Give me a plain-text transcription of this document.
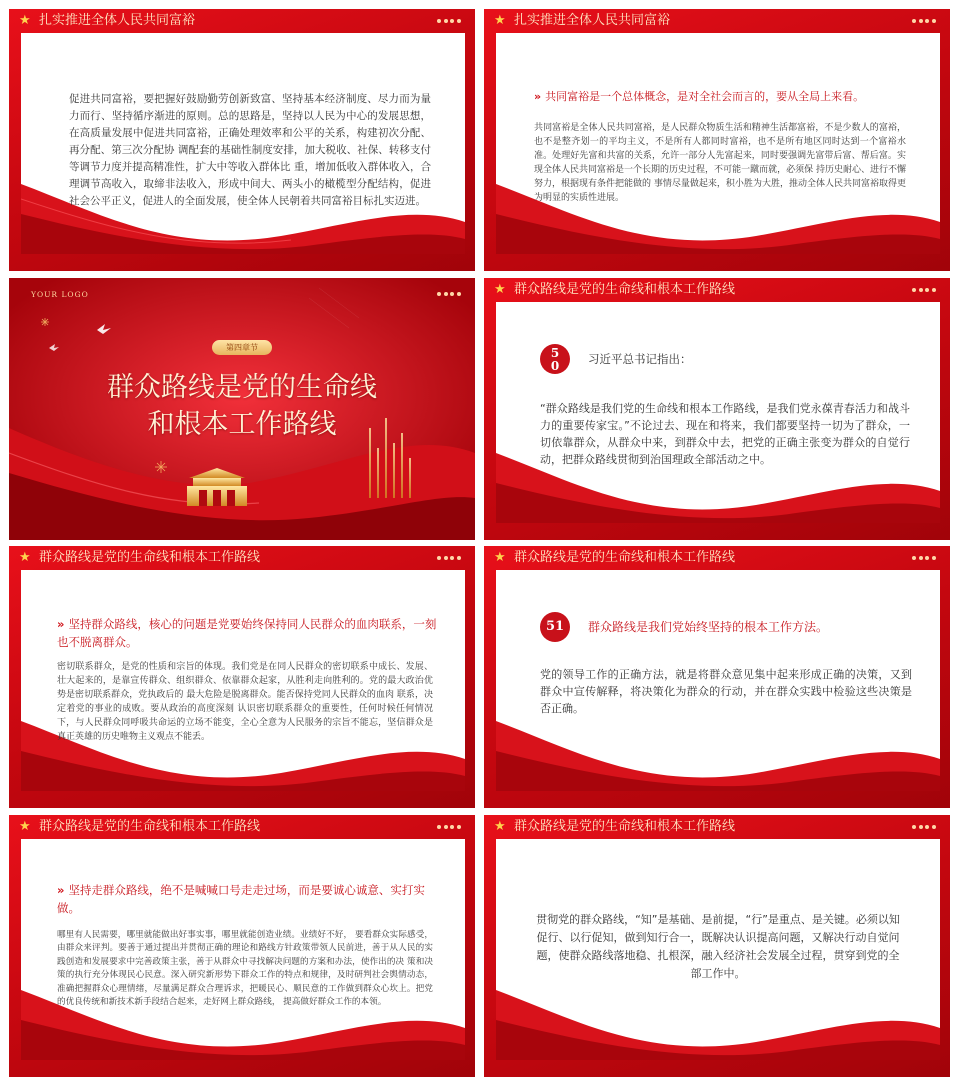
★ 扎实推进全体人民共同富裕
促进共同富裕，要把握好鼓励勤劳创新致富、坚持基本经济制度、尽力而为量力而行、坚持循序渐进的原则。总的思路是，坚持以人民为中心的发展思想，在高质量发展中促进共同富裕，正确处理效率和公平的关系，构建初次分配、再分配、第三次分配协 调配套的基础性制度安排，加大税收、社保、转移支付等调节力度并提高精准性，扩大中等收入群体比 重，增加低收入群体收入，合理调节高收入，取缔非法收入，形成中间大、两头小的橄榄型分配结构，促进社会公平正义，促进人的全面发展，使全体人民朝着共同富裕目标扎实迈进。
★ 扎实推进全体人民共同富裕
» 共同富裕是一个总体概念，是对全社会而言的，要从全局上来看。
共同富裕是全体人民共同富裕，是人民群众物质生活和精神生活都富裕，不是少数人的富裕，也不是整齐划一的平均主义，不是所有人都同时富裕，也不是所有地区同时达到一个富裕水准。处理好先富和共富的关系，允许一部分人先富起来，同时要强调先富带后富、帮后富。实现全体人民共同富裕是一个长期的历史过程，不可能一蹴而就，必须保 持历史耐心、进行不懈努力，根据现有条件把能做的 事情尽量做起来，积小胜为大胜，推动全体人民共同富裕取得更为明显的实质性进展。
YOUR LOGO
第四章节
群众路线是党的生命线
和根本工作路线
★ 群众路线是党的生命线和根本工作路线
5
0	习近平总书记指出：
“群众路线是我们党的生命线和根本工作路线，是我们党永葆青春活力和战斗力的重要传家宝。”不论过去、现在和将来，我们都要坚持一切为了群众，一切依靠群众，从群众中来，到群众中去，把党的正确主张变为群众的自觉行动，把群众路线贯彻到治国理政全部活动之中。
★ 群众路线是党的生命线和根本工作路线
» 坚持群众路线，核心的问题是党要始终保持同人民群众的血肉联系，一刻也不脱离群众。
密切联系群众，是党的性质和宗旨的体现。我们党是在同人民群众的密切联系中成长、发展、壮大起来的，是靠宣传群众、组织群众、依靠群众起家，从胜利走向胜利的。党的最大政治优势是密切联系群众，党执政后的 最大危险是脱离群众。能否保持党同人民群众的血肉 联系，决定着党的事业的成败。要从政治的高度深刻 认识密切联系群众的重要性，任何时候任何情况下，与人民群众同呼吸共命运的立场不能变，全心全意为人民服务的宗旨不能忘，坚信群众是真正英雄的历史唯物主义观点不能丢。
★ 群众路线是党的生命线和根本工作路线
51	群众路线是我们党始终坚持的根本工作方法。
党的领导工作的正确方法，就是将群众意见集中起来形成正确的决策，又到群众中宣传解释，将决策化为群众的行动，并在群众实践中检验这些决策是否正确。
★ 群众路线是党的生命线和根本工作路线
» 坚持走群众路线，绝不是喊喊口号走走过场，而是要诚心诚意、实打实做。
哪里有人民需要，哪里就能做出好事实事，哪里就能创造业绩。业绩好不好， 要看群众实际感受，由群众来评判。要善于通过提出并贯彻正确的理论和路线方针政策带领人民前进，善于从人民的实践创造和发展要求中完善政策主张，善于从群众中寻找解决问题的方案和办法，使作出的决 策和决策的执行充分体现民心民意。深入研究新形势下群众工作的特点和规律，及时研判社会舆情动态， 准确把握群众心理情绪，尽量满足群众合理诉求，把暖民心、顺民意的工作做到群众心坎上。把党的优良传统和新技术新手段结合起来，走好网上群众路线， 提高做好群众工作的本领。
★ 群众路线是党的生命线和根本工作路线
贯彻党的群众路线，“知”是基础、是前提，“行”是重点、是关键。必须以知促行、以行促知，做到知行合一，既解决认识提高问题，又解决行动自觉问题，使群众路线落地稳、扎根深，融入经济社会发展全过程，贯穿到党的全部工作中。
